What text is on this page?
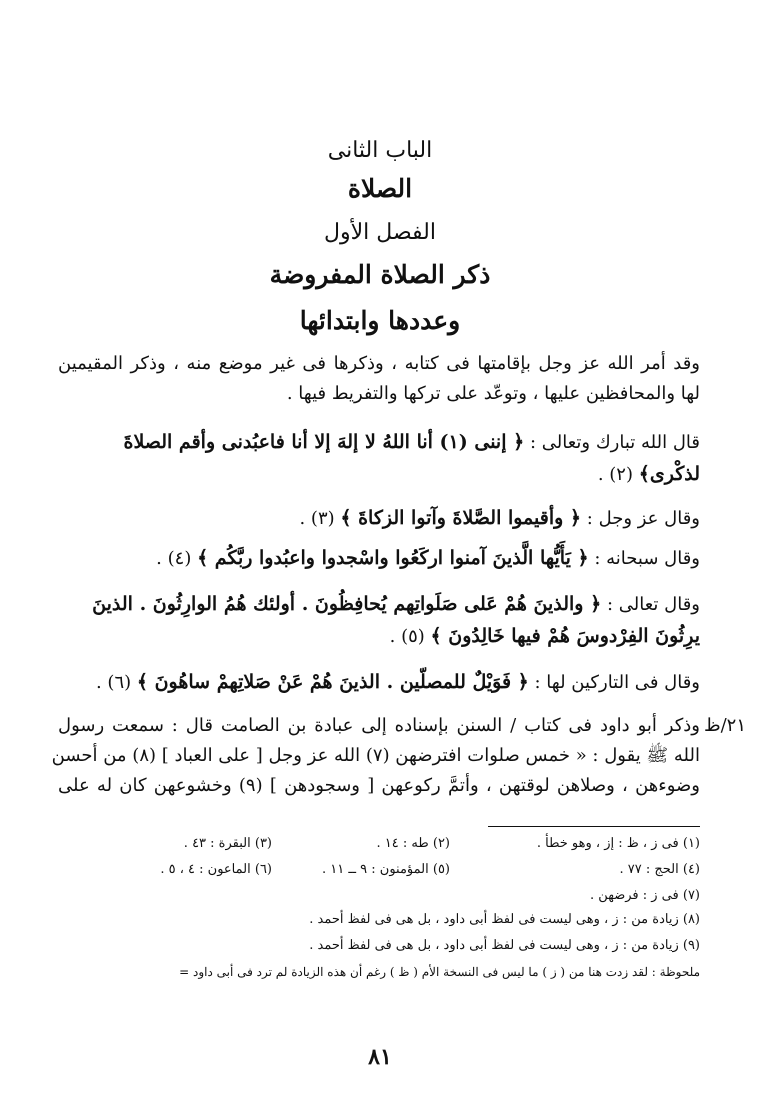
الباب الثانى
الصلاة
الفصل الأول
ذكر الصلاة المفروضة
وعددها وابتدائها
وقد أمر الله عز وجل بإقامتها فى كتابه ، وذكرها فى غير موضع منه ، وذكر المقيمين
لها والمحافظين عليها ، وتوعّد على تركها والتفريط فيها .
قال الله تبارك وتعالى : ﴿ إننى (١) أنا اللهُ لا إلهَ إلا أنا فاعبُدنى وأقم الصلاةَ
لذكْرى﴾ (٢) .
وقال عز وجل : ﴿ وأقيموا الصَّلاةَ وآتوا الزكاةَ ﴾ (٣) .
وقال سبحانه : ﴿ يَأَيُّها الَّذينَ آمنوا اركَعُوا واسْجدوا واعبُدوا ربَّكُم ﴾ (٤) .
وقال تعالى : ﴿ والذينَ هُمْ عَلى صَلَواتِهم يُحافِظُونَ . أولئك هُمُ الوارِثُونَ . الذينَ
يرِثُونَ الفِرْدوسَ هُمْ فيها خَالِدُونَ ﴾ (٥) .
وقال فى التاركين لها : ﴿ فَوَيْلٌ للمصلّين . الذينَ هُمْ عَنْ صَلاتِهمْ ساهُونَ ﴾ (٦) .
٢١/ظ
وذكر أبو داود فى كتاب / السنن بإسناده إلى عبادة بن الصامت قال : سمعت رسول
الله ﷺ يقول : « خمس صلوات افترضهن (٧) الله عز وجل [ على العباد ] (٨) من أحسن
وضوءهن ، وصلاهن لوقتهن ، وأتمَّ ركوعهن [ وسجودهن ] (٩) وخشوعهن كان له على
(١) فى ز ، ظ : إز ، وهو خطأ .
(٢) طه : ١٤ .
(٣) البقرة : ٤٣ .
(٤) الحج : ٧٧ .
(٥) المؤمنون : ٩ ــ ١١ .
(٦) الماعون : ٤ ، ٥ .
(٧) فى ز : فرضهن .
(٨) زيادة من : ز ، وهى ليست فى لفظ أبى داود ، بل هى فى لفظ أحمد .
(٩) زيادة من : ز ، وهى ليست فى لفظ أبى داود ، بل هى فى لفظ أحمد .
ملحوظة : لقد زدت هنا من ( ز ) ما ليس فى النسخة الأم ( ظ ) رغم أن هذه الزيادة لم ترد فى أبى داود =
٨١
